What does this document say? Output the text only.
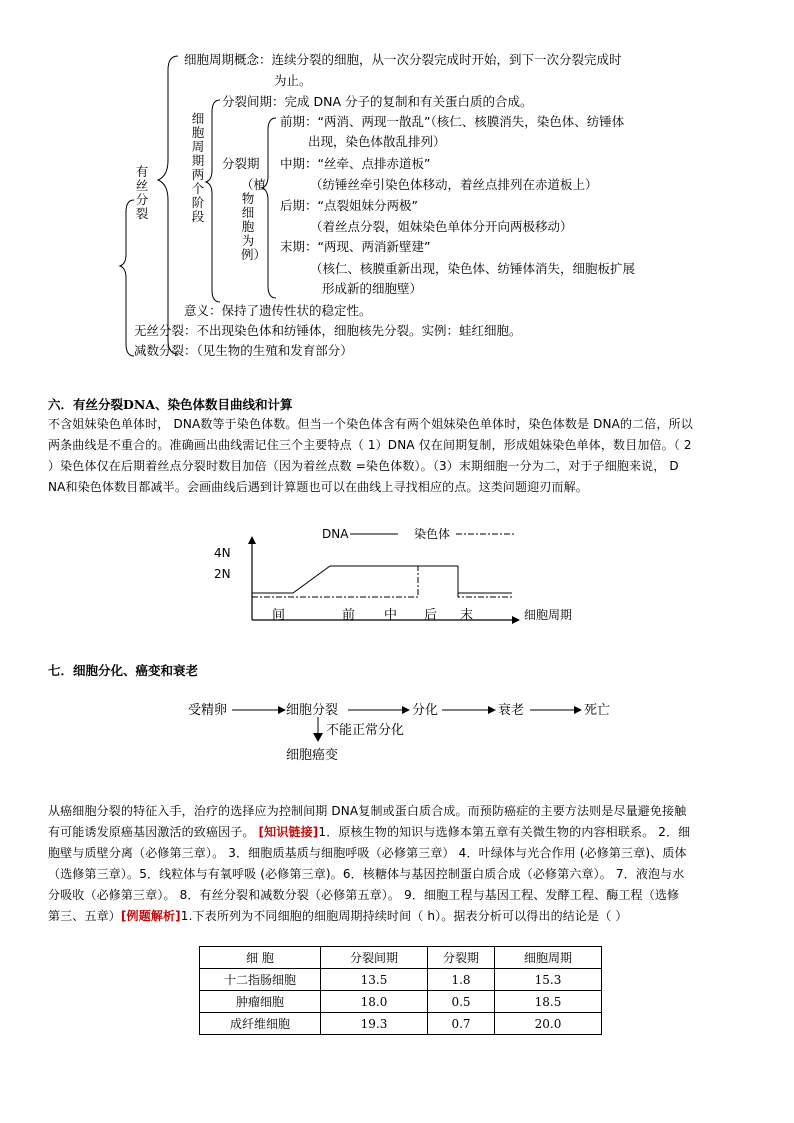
有丝分裂
细胞周期两个阶段
（植物细胞为例）
细胞周期概念：连续分裂的细胞，从一次分裂完成时开始，到下一次分裂完成时
为止。
分裂间期：完成 DNA 分子的复制和有关蛋白质的合成。
分裂期
前期：“两消、两现一散乱”（核仁、核膜消失，染色体、纺锤体
出现，染色体散乱排列）
中期：“丝牵、点排赤道板”
（纺锤丝牵引染色体移动，着丝点排列在赤道板上）
后期：“点裂姐妹分两极”
（着丝点分裂，姐妹染色单体分开向两极移动）
末期：“两现、两消新壁建”
（核仁、核膜重新出现，染色体、纺锤体消失，细胞板扩展
形成新的细胞壁）
意义：保持了遗传性状的稳定性。
无丝分裂：不出现染色体和纺锤体，细胞核先分裂。实例：蛙红细胞。
减数分裂：（见生物的生殖和发育部分）
六．有丝分裂DNA、染色体数目曲线和计算
不含姐妹染色单体时， DNA数等于染色体数。但当一个染色体含有两个姐妹染色单体时，染色体数是 DNA的二倍，所以
两条曲线是不重合的。准确画出曲线需记住三个主要特点（ 1）DNA 仅在间期复制，形成姐妹染色单体，数目加倍。（ 2
）染色体仅在后期着丝点分裂时数目加倍（因为着丝点数 =染色体数）。（3）末期细胞一分为二，对于子细胞来说， D
NA和染色体数目都减半。会画曲线后遇到计算题也可以在曲线上寻找相应的点。这类问题迎刃而解。
DNA	染色体
4N
2N
间	前 中 后 末	细胞周期
七．细胞分化、癌变和衰老
受精卵	细胞分裂	分化	衰老	死亡
不能正常分化
细胞癌变
从癌细胞分裂的特征入手，治疗的选择应为控制间期 DNA复制或蛋白质合成。而预防癌症的主要方法则是尽量避免接触
有可能诱发原癌基因激活的致癌因子。 [知识链接]1．原核生物的知识与选修本第五章有关微生物的内容相联系。 2．细
胞壁与质壁分离（必修第三章）。 3．细胞质基质与细胞呼吸（必修第三章） 4．叶绿体与光合作用 (必修第三章)、质体
（选修第三章）。5．线粒体与有氧呼吸 (必修第三章)。6．核糖体与基因控制蛋白质合成（必修第六章）。 7．液泡与水
分吸收（必修第三章）。 8．有丝分裂和减数分裂（必修第五章）。 9．细胞工程与基因工程、发酵工程、酶工程（选修
第三、五章）[例题解析]1.下表所列为不同细胞的细胞周期持续时间（ h）。据表分析可以得出的结论是（ ）
细 胞	分裂间期	分裂期	细胞周期
十二指肠细胞	13.5	1.8	15.3
肿瘤细胞	18.0	0.5	18.5
成纤维细胞	19.3	0.7	20.0
